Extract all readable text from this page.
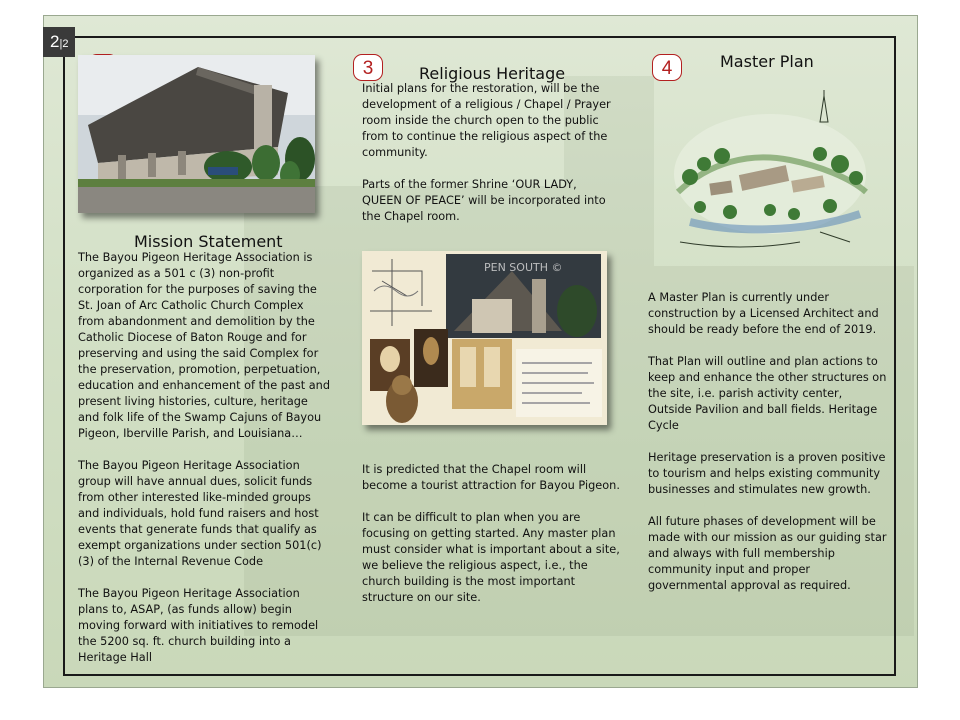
2|2
Mission Statement

The Bayou Pigeon Heritage Association is organized as a 501 c (3) non-profit corporation for the purposes of saving the St. Joan of Arc Catholic Church Complex from abandonment and demolition by the Catholic Diocese of Baton Rouge and for preserving and using the said Complex for the preservation, promotion, perpetuation, education and enhancement of the past and present living histories, culture, heritage and folk life of the Swamp Cajuns of Bayou Pigeon, Iberville Parish, and Louisiana…

The Bayou Pigeon Heritage Association group will have annual dues, solicit funds from other interested like-minded groups and individuals, hold fund raisers and host events that generate funds that qualify as exempt organizations under section 501(c) (3) of the Internal Revenue Code

The Bayou Pigeon Heritage Association plans to, ASAP, (as funds allow) begin moving forward with initiatives to remodel the 5200 sq. ft. church building into a Heritage Hall

3	Religious Heritage

Initial plans for the restoration, will be the development of a religious / Chapel / Prayer room inside the church open to the public from to continue the religious aspect of the community.

Parts of the former Shrine ‘OUR LADY, QUEEN OF PEACE’ will be incorporated into the Chapel room.

PEN SOUTH ©

It is predicted that the Chapel room will become a tourist attraction for Bayou Pigeon.

It can be difficult to plan when you are focusing on getting started. Any master plan must consider what is important about a site, we believe the religious aspect, i.e., the church building is the most important structure on our site.

4	Master Plan

A Master Plan is currently under construction by a Licensed Architect and should be ready before the end of 2019.

That Plan will outline and plan actions to keep and enhance the other structures on the site, i.e. parish activity center, Outside Pavilion and ball fields. Heritage Cycle

Heritage preservation is a proven positive to tourism and helps existing community businesses and stimulates new growth.

All future phases of development will be made with our mission as our guiding star and always with full membership community input and proper governmental approval as required.
